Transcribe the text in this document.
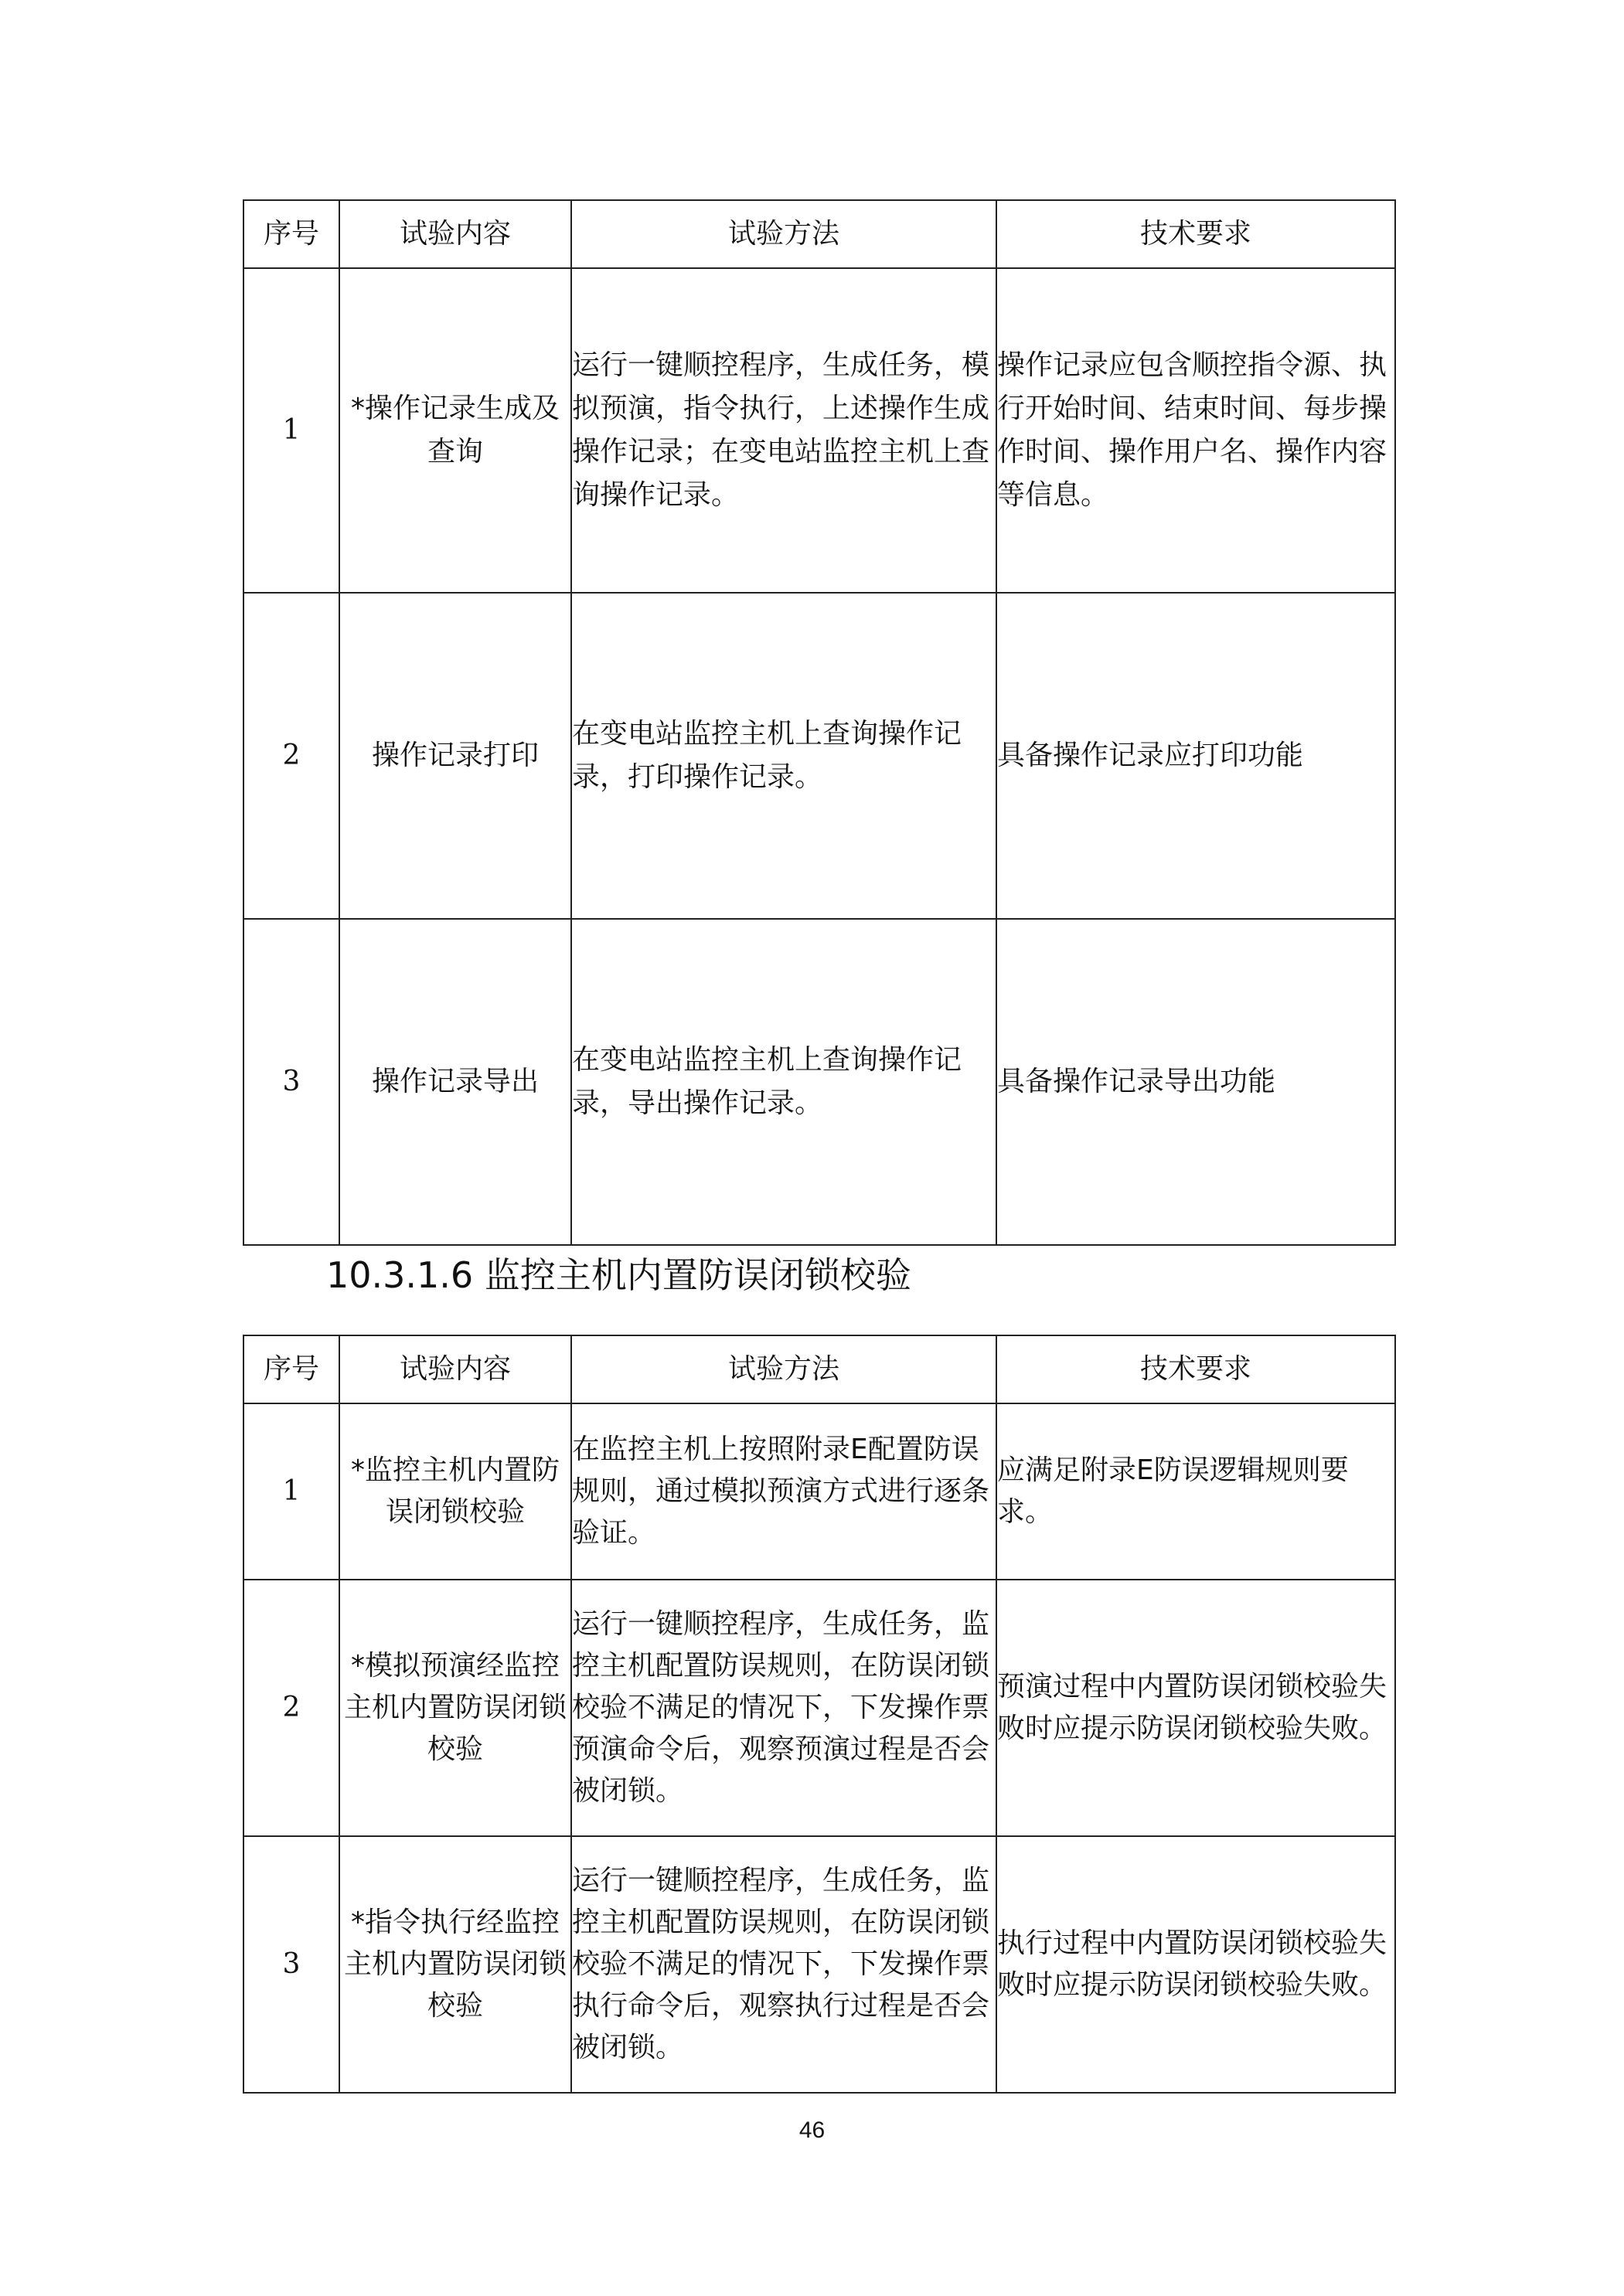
序号	试验内容	试验方法	技术要求
1	*操作记录生成及查询	运行一键顺控程序，生成任务，模拟预演，指令执行，上述操作生成操作记录；在变电站监控主机上查询操作记录。	操作记录应包含顺控指令源、执行开始时间、结束时间、每步操作时间、操作用户名、操作内容等信息。
2	操作记录打印	在变电站监控主机上查询操作记录，打印操作记录。	具备操作记录应打印功能
3	操作记录导出	在变电站监控主机上查询操作记录，导出操作记录。	具备操作记录导出功能
10.3.1.6 监控主机内置防误闭锁校验
序号	试验内容	试验方法	技术要求
1	*监控主机内置防误闭锁校验	在监控主机上按照附录E配置防误规则，通过模拟预演方式进行逐条验证。	应满足附录E防误逻辑规则要求。
2	*模拟预演经监控主机内置防误闭锁校验	运行一键顺控程序，生成任务，监控主机配置防误规则，在防误闭锁校验不满足的情况下，下发操作票预演命令后，观察预演过程是否会被闭锁。	预演过程中内置防误闭锁校验失败时应提示防误闭锁校验失败。
3	*指令执行经监控主机内置防误闭锁校验	运行一键顺控程序，生成任务，监控主机配置防误规则，在防误闭锁校验不满足的情况下，下发操作票执行命令后，观察执行过程是否会被闭锁。	执行过程中内置防误闭锁校验失败时应提示防误闭锁校验失败。
46
